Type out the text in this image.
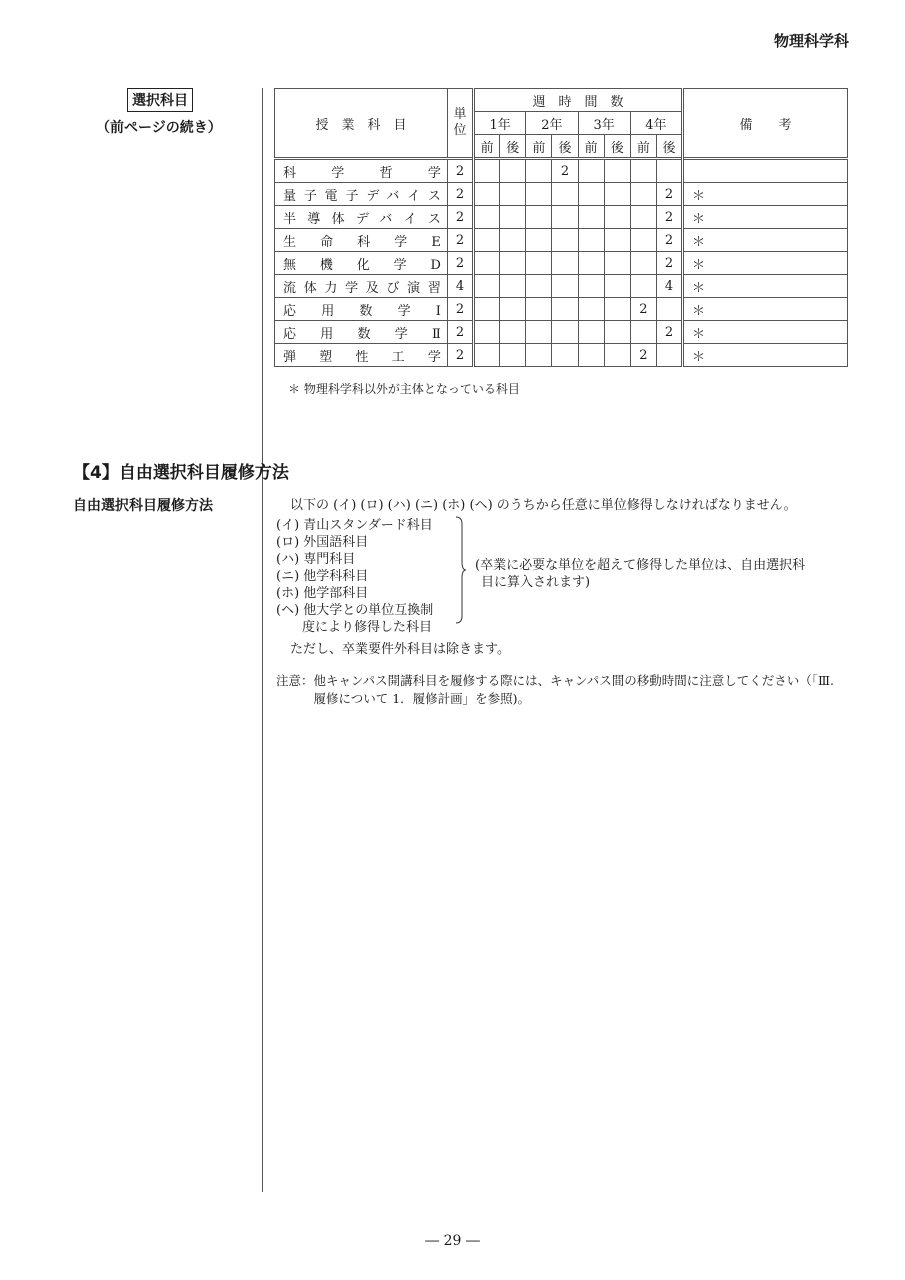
物理科学科
選択科目
（前ページの続き）	授　業　科　目	単位	週　時　間　数								備　　考
		1年		2年		3年		4年		
		前	後	前	後	前	後	前	後	
科学哲学	2				2					
量子電子デバイス	2								2	＊
半導体デバイス	2								2	＊
生命科学E	2								2	＊
無機化学D	2								2	＊
流体力学及び演習	4								4	＊
応用数学Ⅰ	2							2		＊
応用数学Ⅱ	2								2	＊
弾塑性工学	2							2		＊
＊ 物理科学科以外が主体となっている科目
【4】自由選択科目履修方法
自由選択科目履修方法	以下の (イ) (ロ) (ハ) (ニ) (ホ) (ヘ) のうちから任意に単位修得しなければなりません。
(イ) 青山スタンダード科目
(ロ) 外国語科目
(ハ) 専門科目
(ニ) 他学科科目
(ホ) 他学部科目
(ヘ) 他大学との単位互換制
　　度により修得した科目
(卒業に必要な単位を超えて修得した単位は、自由選択科
目に算入されます)
ただし、卒業要件外科目は除きます。
注意：他キャンパス開講科目を履修する際には、キャンパス間の移動時間に注意してください（「Ⅲ.
　　　履修について 1．履修計画」を参照)。
― 29 ―
